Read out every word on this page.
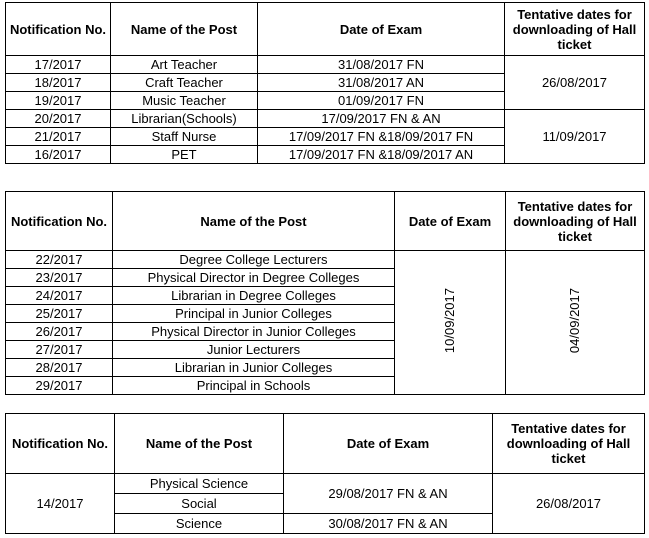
Notification No.	Name of the Post	Date of Exam	Tentative dates for downloading of Hall ticket
17/2017	Art Teacher	31/08/2017 FN	26/08/2017
18/2017	Craft Teacher	31/08/2017 AN	
19/2017	Music Teacher	01/09/2017 FN	
20/2017	Librarian(Schools)	17/09/2017 FN & AN	11/09/2017
21/2017	Staff Nurse	17/09/2017 FN &18/09/2017 FN	
16/2017	PET	17/09/2017 FN &18/09/2017 AN	
Notification No.	Name of the Post	Date of Exam	Tentative dates for downloading of Hall ticket
22/2017	Degree College Lecturers	10/09/2017	04/09/2017
23/2017	Physical Director in Degree Colleges		
24/2017	Librarian in Degree Colleges		
25/2017	Principal in Junior Colleges		
26/2017	Physical Director in Junior Colleges		
27/2017	Junior Lecturers		
28/2017	Librarian in Junior Colleges		
29/2017	Principal in Schools		
Notification No.	Name of the Post	Date of Exam	Tentative dates for downloading of Hall ticket
14/2017	Physical Science	29/08/2017 FN & AN	26/08/2017
	Social		
	Science	30/08/2017 FN & AN	
